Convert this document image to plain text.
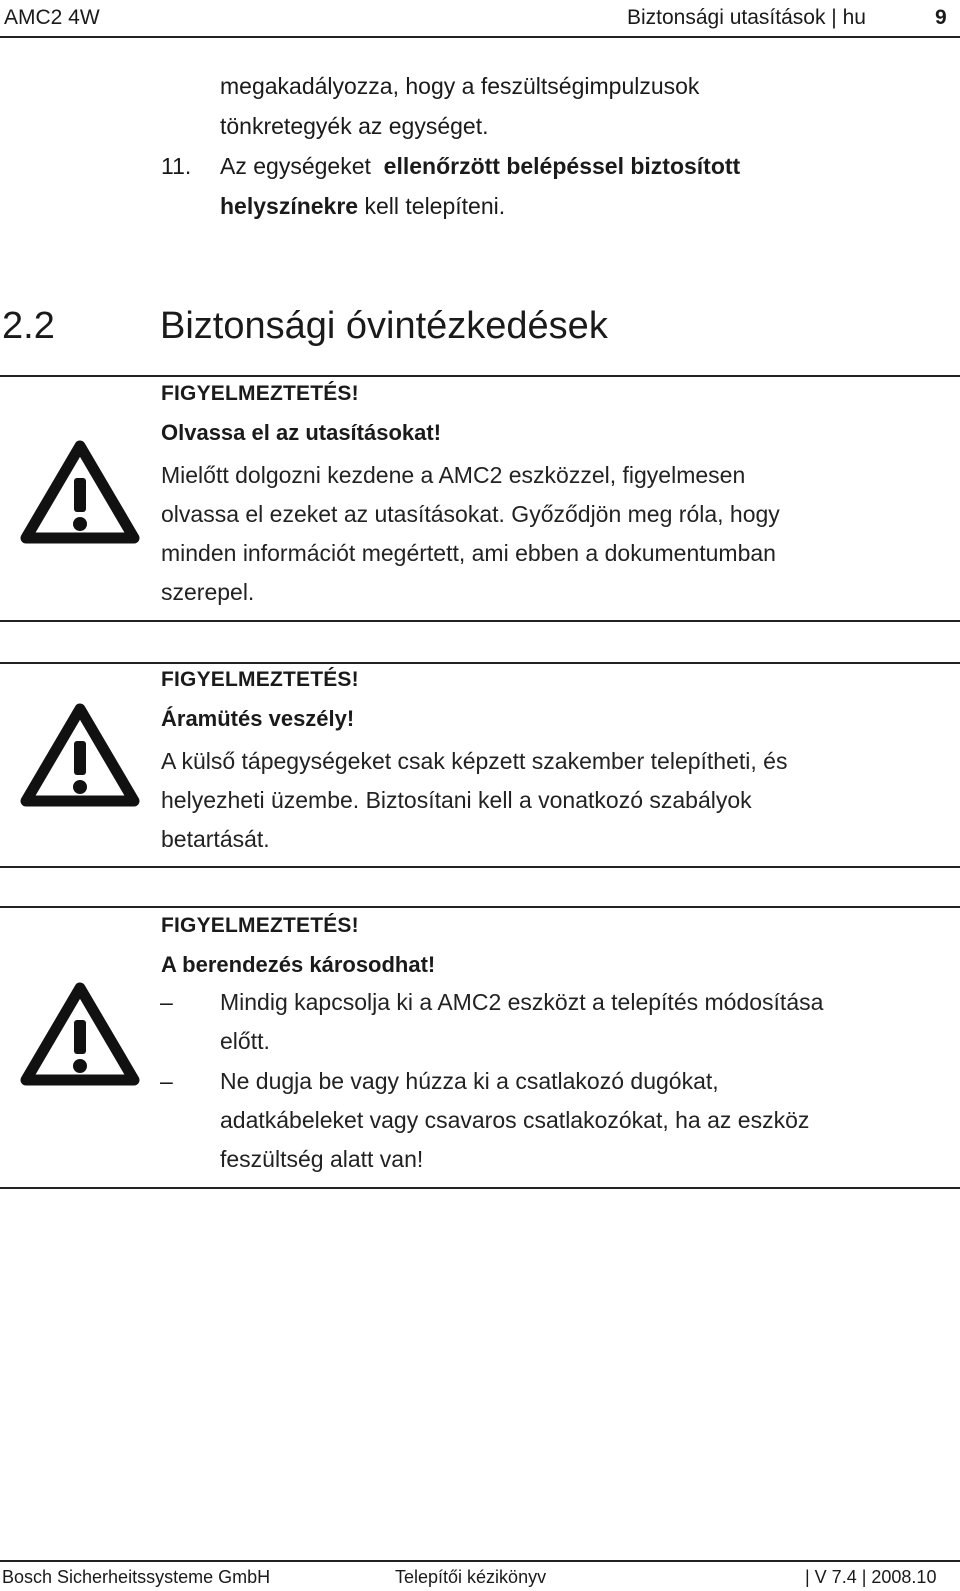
AMC2 4W	Biztonsági utasítások | hu	9
megakadályozza, hogy a feszültségimpulzusok
tönkretegyék az egységet.
11. Az egységeket ellenőrzött belépéssel biztosított
helyszínekre kell telepíteni.
2.2	Biztonsági óvintézkedések
FIGYELMEZTETÉS!
Olvassa el az utasításokat!
Mielőtt dolgozni kezdene a AMC2 eszközzel, figyelmesen
olvassa el ezeket az utasításokat. Győződjön meg róla, hogy
minden információt megértett, ami ebben a dokumentumban
szerepel.
FIGYELMEZTETÉS!
Áramütés veszély!
A külső tápegységeket csak képzett szakember telepítheti, és
helyezheti üzembe. Biztosítani kell a vonatkozó szabályok
betartását.
FIGYELMEZTETÉS!
A berendezés károsodhat!
– Mindig kapcsolja ki a AMC2 eszközt a telepítés módosítása
előtt.
– Ne dugja be vagy húzza ki a csatlakozó dugókat,
adatkábeleket vagy csavaros csatlakozókat, ha az eszköz
feszültség alatt van!
Bosch Sicherheitssysteme GmbH	Telepítői kézikönyv	| V 7.4 | 2008.10
